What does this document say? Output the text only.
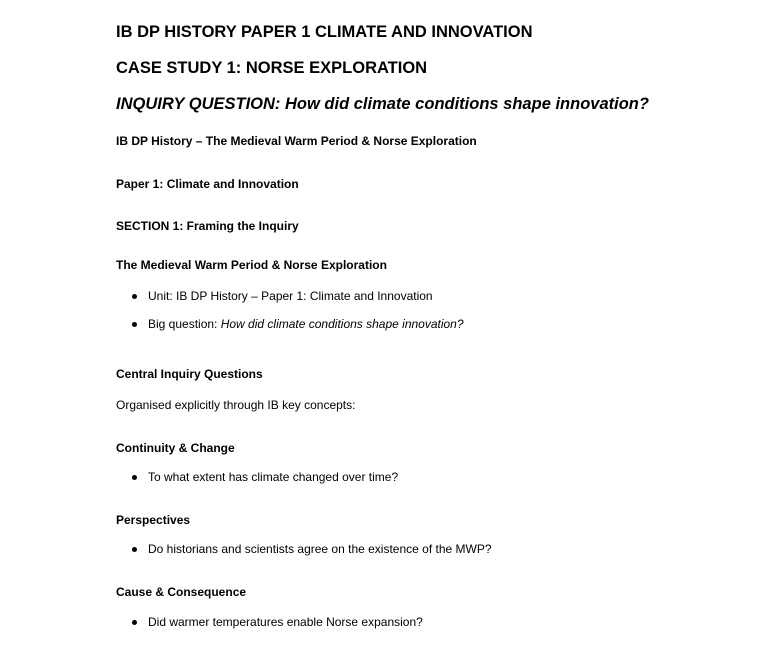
IB DP HISTORY PAPER 1 CLIMATE AND INNOVATION
CASE STUDY 1: NORSE EXPLORATION
INQUIRY QUESTION: How did climate conditions shape innovation?
IB DP History – The Medieval Warm Period & Norse Exploration
Paper 1: Climate and Innovation
SECTION 1: Framing the Inquiry
The Medieval Warm Period & Norse Exploration
Unit: IB DP History – Paper 1: Climate and Innovation
Big question: How did climate conditions shape innovation?
Central Inquiry Questions
Organised explicitly through IB key concepts:
Continuity & Change
To what extent has climate changed over time?
Perspectives
Do historians and scientists agree on the existence of the MWP?
Cause & Consequence
Did warmer temperatures enable Norse expansion?
